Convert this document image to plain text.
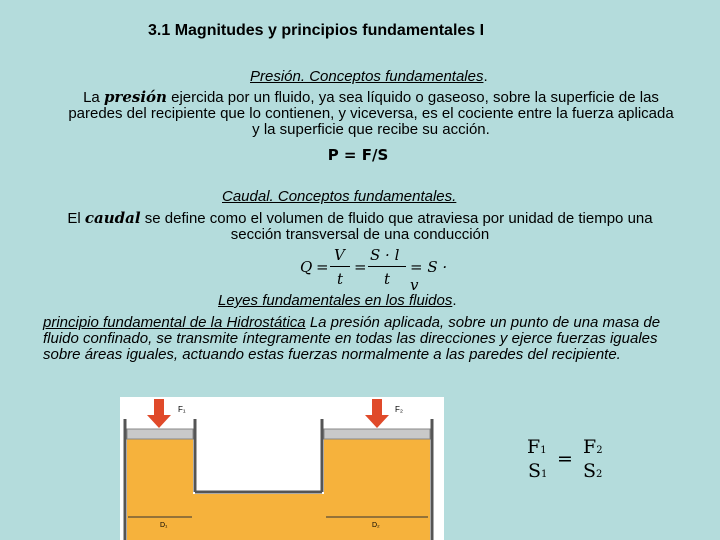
3.1 Magnitudes y principios fundamentales I
Presión. Conceptos fundamentales.
La presión ejercida por un fluido, ya sea líquido o gaseoso, sobre la superficie de las paredes del recipiente que lo contienen, y viceversa, es el cociente entre la fuerza aplicada y la superficie que recibe su acción.
P = F/S
Caudal. Conceptos fundamentales.
El caudal se define como el volumen de fluido que atraviesa por unidad de tiempo una sección transversal de una conducción
Q =
V
t
=
S · l
t
= S · v
Leyes fundamentales en los fluidos.
principio fundamental de la Hidrostática La presión aplicada, sobre un punto de una masa de fluido confinado, se transmite íntegramente en todas las direcciones y ejerce fuerzas iguales sobre áreas iguales, actuando estas fuerzas normalmente a las paredes del recipiente.
F₁	F₂
D₁	D₂
F1
S1
=
F2
S2
